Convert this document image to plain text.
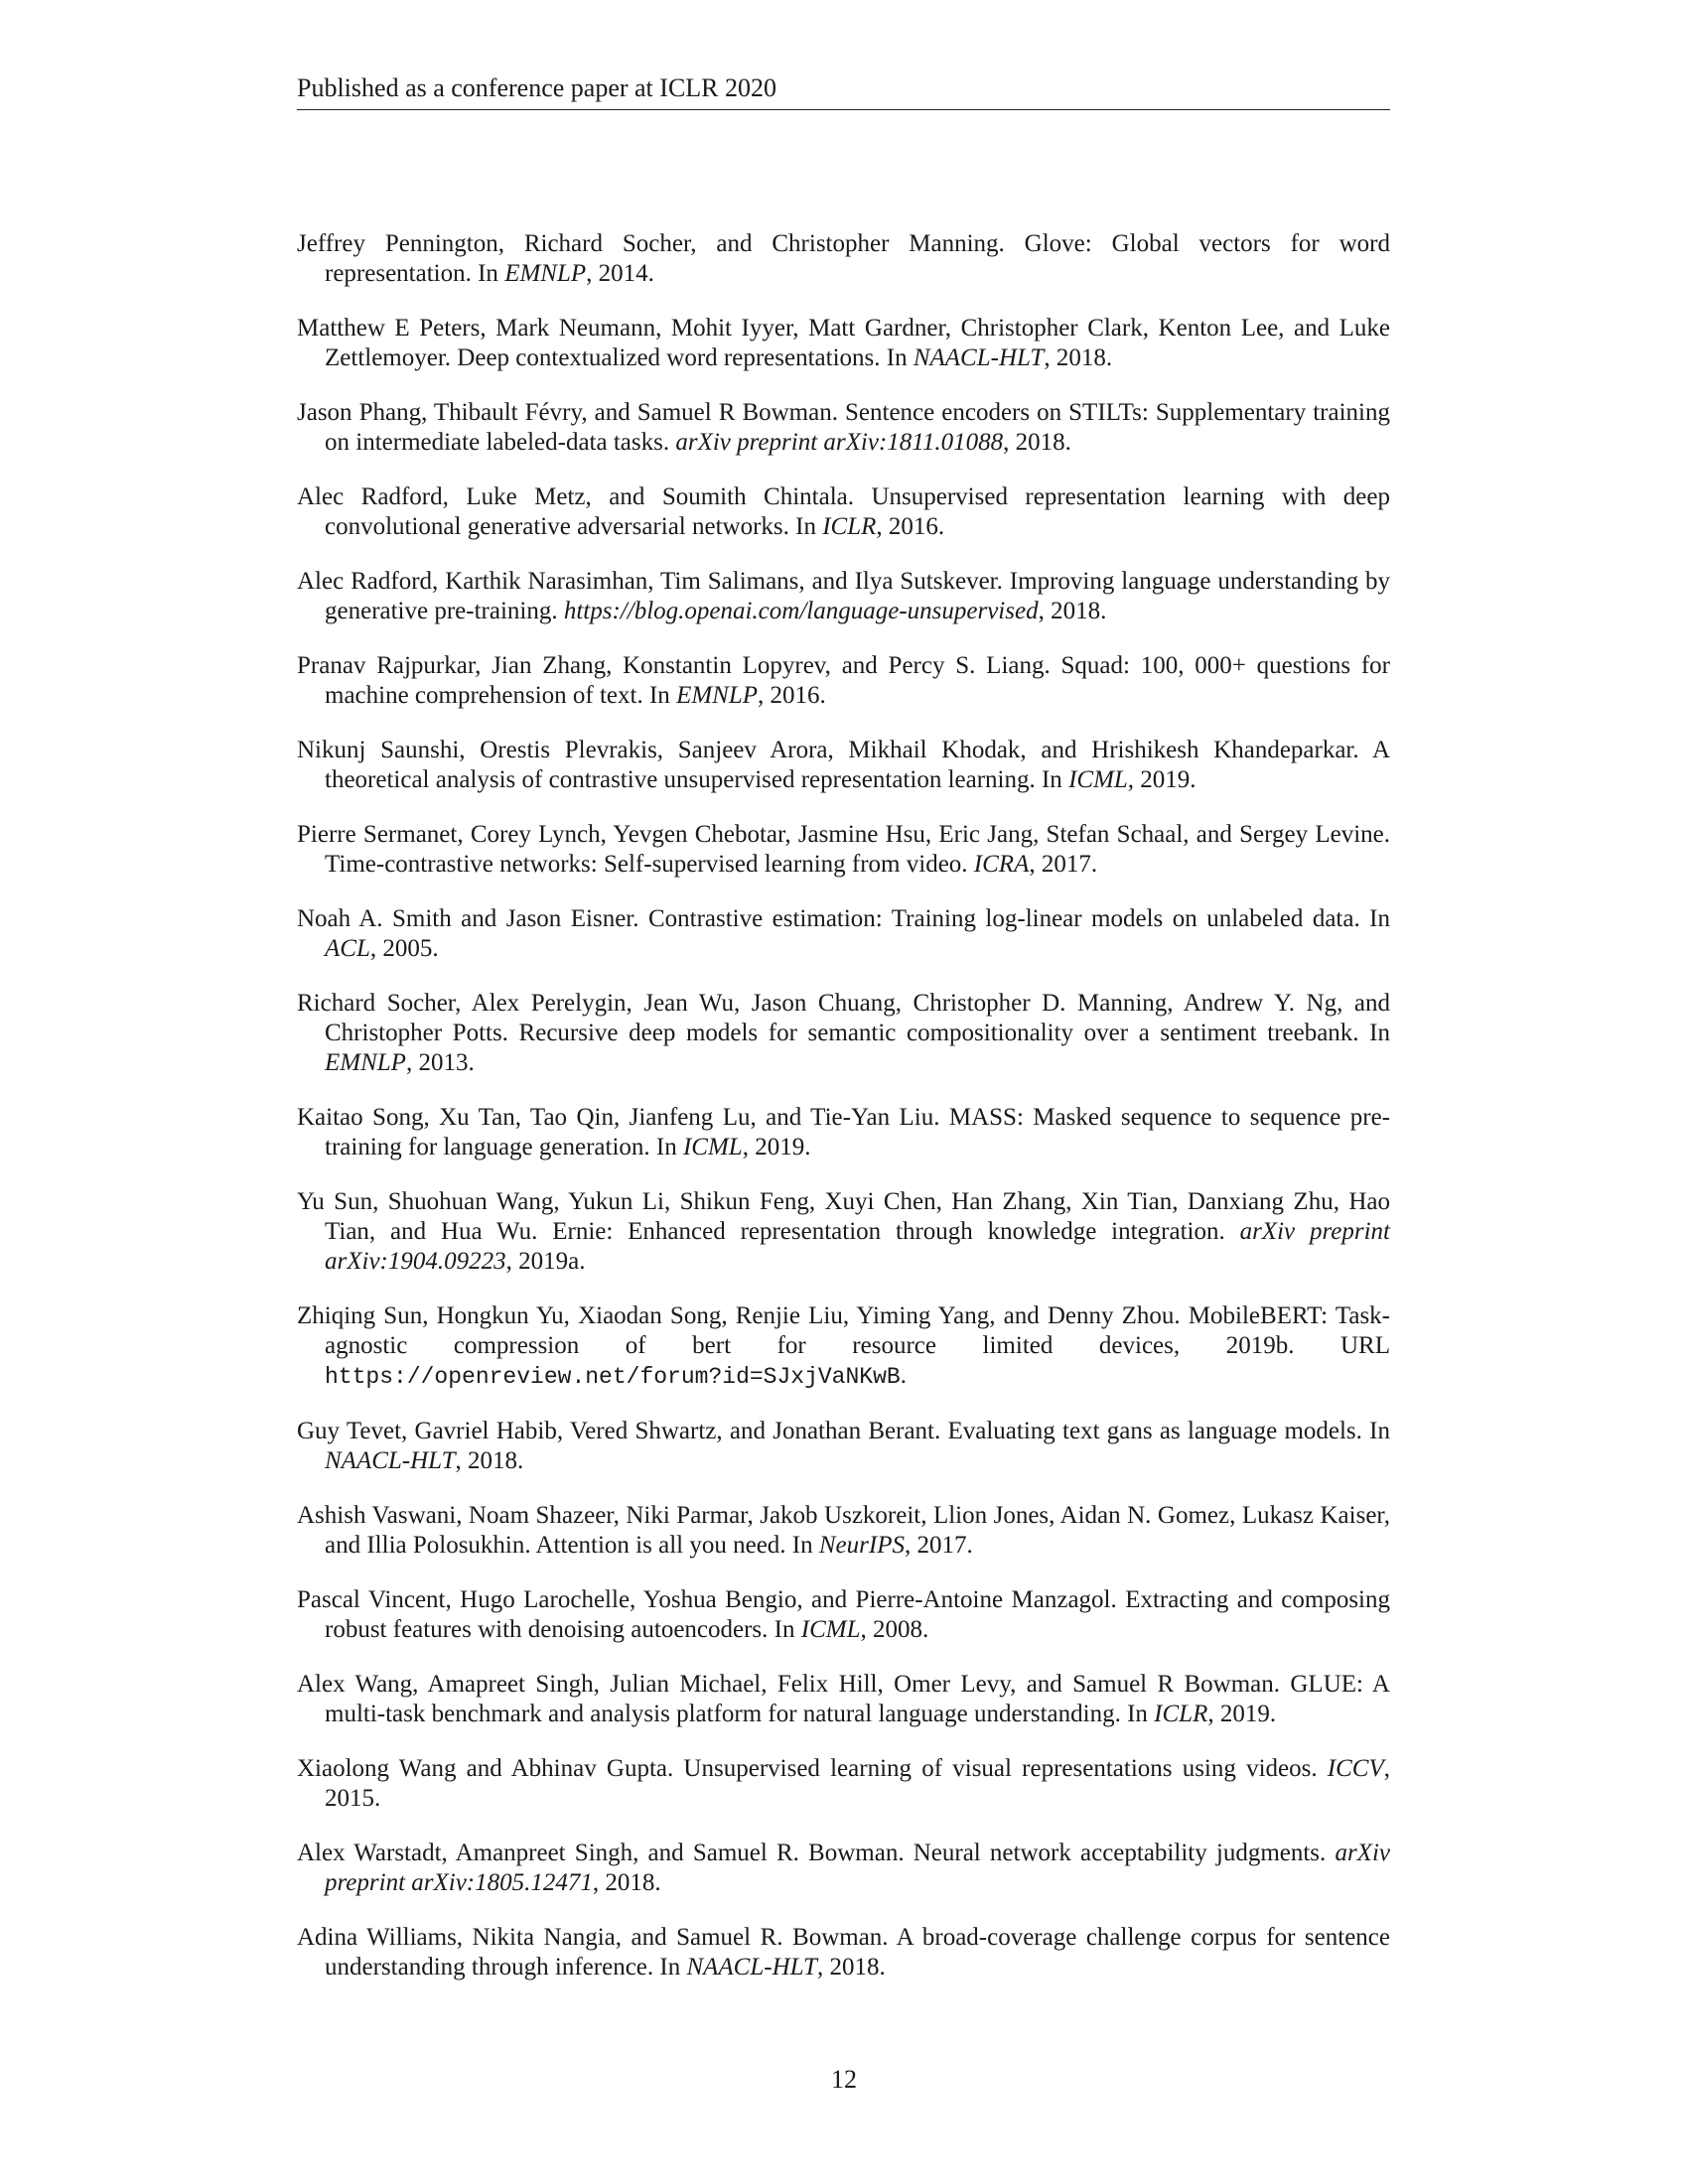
Published as a conference paper at ICLR 2020

Jeffrey Pennington, Richard Socher, and Christopher Manning. Glove: Global vectors for word representation. In EMNLP, 2014.

Matthew E Peters, Mark Neumann, Mohit Iyyer, Matt Gardner, Christopher Clark, Kenton Lee, and Luke Zettlemoyer. Deep contextualized word representations. In NAACL-HLT, 2018.

Jason Phang, Thibault Févry, and Samuel R Bowman. Sentence encoders on STILTs: Supplementary training on intermediate labeled-data tasks. arXiv preprint arXiv:1811.01088, 2018.

Alec Radford, Luke Metz, and Soumith Chintala. Unsupervised representation learning with deep convolutional generative adversarial networks. In ICLR, 2016.

Alec Radford, Karthik Narasimhan, Tim Salimans, and Ilya Sutskever. Improving language understanding by generative pre-training. https://blog.openai.com/language-unsupervised, 2018.

Pranav Rajpurkar, Jian Zhang, Konstantin Lopyrev, and Percy S. Liang. Squad: 100, 000+ questions for machine comprehension of text. In EMNLP, 2016.

Nikunj Saunshi, Orestis Plevrakis, Sanjeev Arora, Mikhail Khodak, and Hrishikesh Khandeparkar. A theoretical analysis of contrastive unsupervised representation learning. In ICML, 2019.

Pierre Sermanet, Corey Lynch, Yevgen Chebotar, Jasmine Hsu, Eric Jang, Stefan Schaal, and Sergey Levine. Time-contrastive networks: Self-supervised learning from video. ICRA, 2017.

Noah A. Smith and Jason Eisner. Contrastive estimation: Training log-linear models on unlabeled data. In ACL, 2005.

Richard Socher, Alex Perelygin, Jean Wu, Jason Chuang, Christopher D. Manning, Andrew Y. Ng, and Christopher Potts. Recursive deep models for semantic compositionality over a sentiment treebank. In EMNLP, 2013.

Kaitao Song, Xu Tan, Tao Qin, Jianfeng Lu, and Tie-Yan Liu. MASS: Masked sequence to sequence pre-training for language generation. In ICML, 2019.

Yu Sun, Shuohuan Wang, Yukun Li, Shikun Feng, Xuyi Chen, Han Zhang, Xin Tian, Danxiang Zhu, Hao Tian, and Hua Wu. Ernie: Enhanced representation through knowledge integration. arXiv preprint arXiv:1904.09223, 2019a.

Zhiqing Sun, Hongkun Yu, Xiaodan Song, Renjie Liu, Yiming Yang, and Denny Zhou. MobileBERT: Task-agnostic compression of bert for resource limited devices, 2019b. URL https://openreview.net/forum?id=SJxjVaNKwB.

Guy Tevet, Gavriel Habib, Vered Shwartz, and Jonathan Berant. Evaluating text gans as language models. In NAACL-HLT, 2018.

Ashish Vaswani, Noam Shazeer, Niki Parmar, Jakob Uszkoreit, Llion Jones, Aidan N. Gomez, Lukasz Kaiser, and Illia Polosukhin. Attention is all you need. In NeurIPS, 2017.

Pascal Vincent, Hugo Larochelle, Yoshua Bengio, and Pierre-Antoine Manzagol. Extracting and composing robust features with denoising autoencoders. In ICML, 2008.

Alex Wang, Amapreet Singh, Julian Michael, Felix Hill, Omer Levy, and Samuel R Bowman. GLUE: A multi-task benchmark and analysis platform for natural language understanding. In ICLR, 2019.

Xiaolong Wang and Abhinav Gupta. Unsupervised learning of visual representations using videos. ICCV, 2015.

Alex Warstadt, Amanpreet Singh, and Samuel R. Bowman. Neural network acceptability judgments. arXiv preprint arXiv:1805.12471, 2018.

Adina Williams, Nikita Nangia, and Samuel R. Bowman. A broad-coverage challenge corpus for sentence understanding through inference. In NAACL-HLT, 2018.

12
